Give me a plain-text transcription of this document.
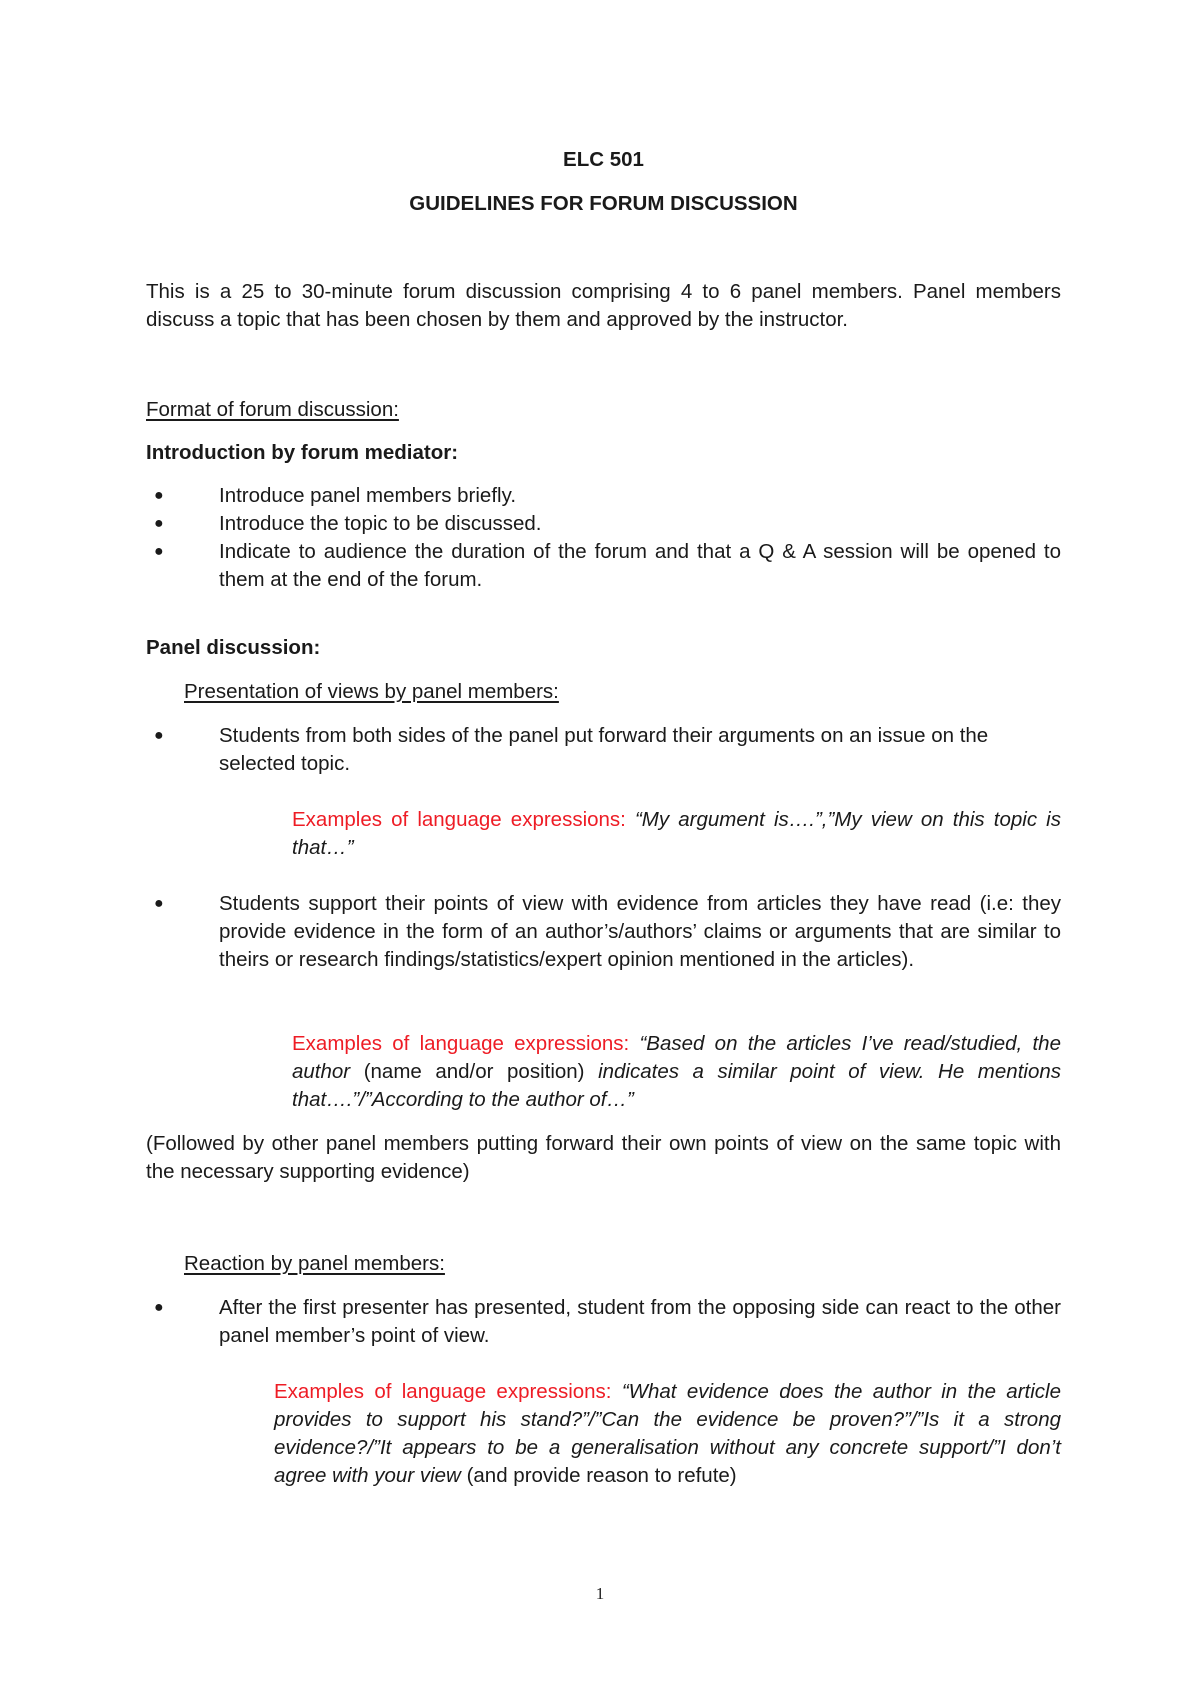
ELC 501
GUIDELINES FOR FORUM DISCUSSION
This is a 25 to 30-minute forum discussion comprising 4 to 6 panel members. Panel members discuss a topic that has been chosen by them and approved by the instructor.
Format of forum discussion:
Introduction by forum mediator:
●	Introduce panel members briefly.
●	Introduce the topic to be discussed.
●	Indicate to audience the duration of the forum and that a Q & A session will be opened to them at the end of the forum.
Panel discussion:
Presentation of views by panel members:
●	Students from both sides of the panel put forward their arguments on an issue on the selected topic.
Examples of language expressions: “My argument is….”,”My view on this topic is that…”
●	Students support their points of view with evidence from articles they have read (i.e: they provide evidence in the form of an author’s/authors’ claims or arguments that are similar to theirs or research findings/statistics/expert opinion mentioned in the articles).
Examples of language expressions: “Based on the articles I’ve read/studied, the author (name and/or position) indicates a similar point of view. He mentions that….”/”According to the author of…”
(Followed by other panel members putting forward their own points of view on the same topic with the necessary supporting evidence)
Reaction by panel members:
●	After the first presenter has presented, student from the opposing side can react to the other panel member’s point of view.
Examples of language expressions: “What evidence does the author in the article provides to support his stand?”/”Can the evidence be proven?”/”Is it a strong evidence?/”It appears to be a generalisation without any concrete support/”I don’t agree with your view (and provide reason to refute)
1
